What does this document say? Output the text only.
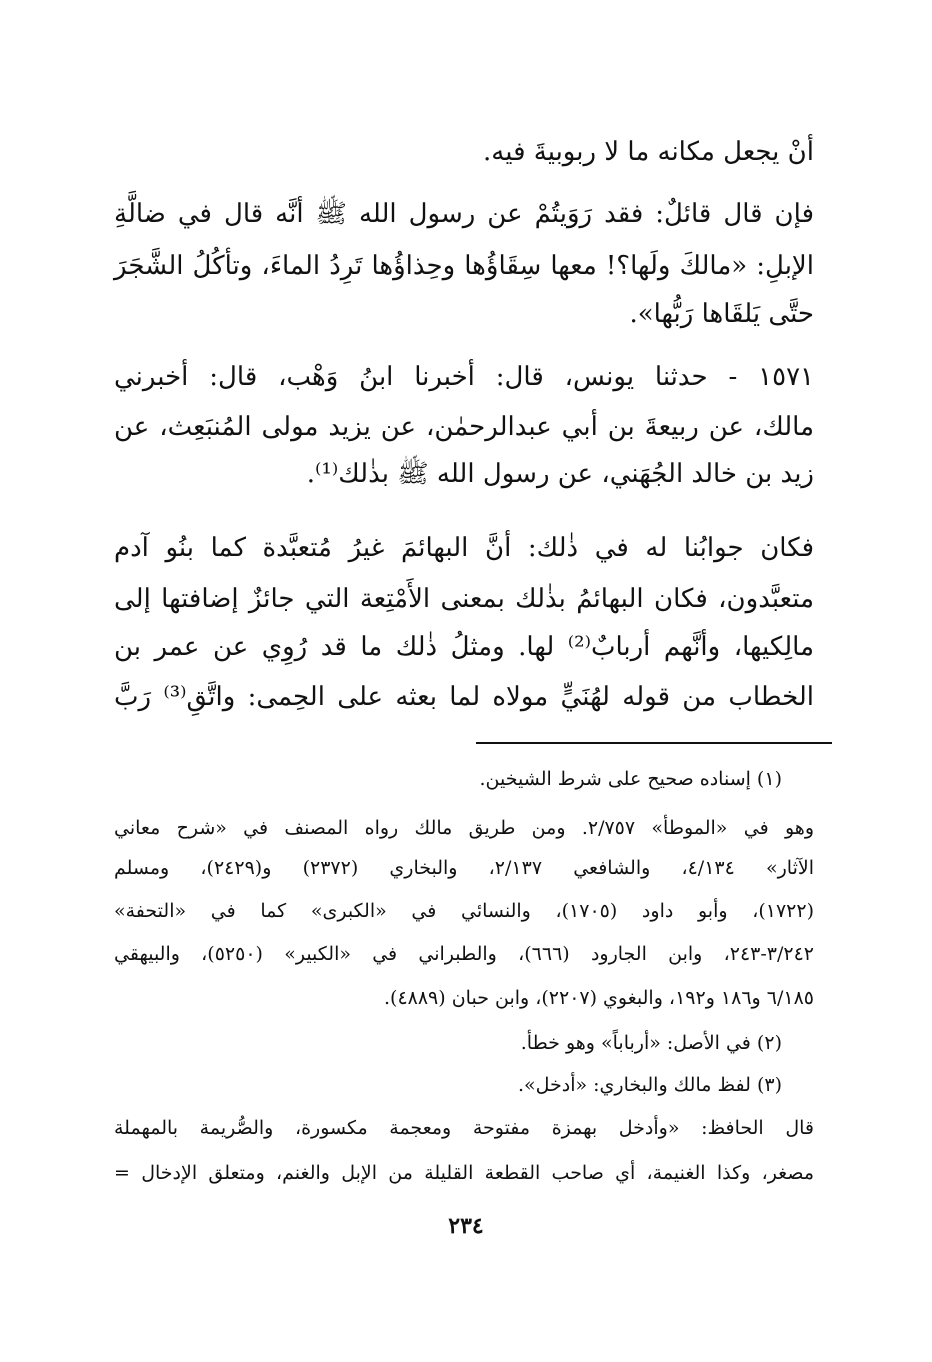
أنْ يجعل مكانه ما لا ربوبيةَ فيه.
فإن قال قائلٌ: فقد رَوَيتُمْ عن رسول الله ﷺ أنَّه قال في ضالَّةِ
الإبلِ: «مالكَ ولَها؟! معها سِقَاؤُها وحِذاؤُها تَرِدُ الماءَ، وتأكُلُ الشَّجَرَ
حتَّى يَلقَاها رَبُّها».
١٥٧١ - حدثنا يونس، قال: أخبرنا ابنُ وَهْب، قال: أخبرني
مالك، عن ربيعةَ بن أبي عبدالرحمٰن، عن يزيد مولى المُنبَعِث، عن
زيد بن خالد الجُهَني، عن رسول الله ﷺ بذٰلك⁽¹⁾.
فكان جوابُنا له في ذٰلك: أنَّ البهائمَ غيرُ مُتعبَّدة كما بنُو آدم
متعبَّدون، فكان البهائمُ بذٰلك بمعنى الأَمْتِعة التي جائزٌ إضافتها إلى
مالِكيها، وأنَّهم أربابٌ⁽²⁾ لها. ومثلُ ذٰلك ما قد رُوِي عن عمر بن
الخطاب من قوله لهُنَيٍّ مولاه لما بعثه على الحِمى: واتَّقِ⁽³⁾ رَبَّ
(١) إسناده صحيح على شرط الشيخين.
وهو في «الموطأ» ٢/٧٥٧. ومن طريق مالك رواه المصنف في «شرح معاني
الآثار» ٤/١٣٤، والشافعي ٢/١٣٧، والبخاري (٢٣٧٢) و(٢٤٢٩)، ومسلم
(١٧٢٢)، وأبو داود (١٧٠٥)، والنسائي في «الكبرى» كما في «التحفة»
٣/٢٤٢-٢٤٣، وابن الجارود (٦٦٦)، والطبراني في «الكبير» (٥٢٥٠)، والبيهقي
٦/١٨٥ و١٨٦ و١٩٢، والبغوي (٢٢٠٧)، وابن حبان (٤٨٨٩).
(٢) في الأصل: «أرباباً» وهو خطأ.
(٣) لفظ مالك والبخاري: «أدخل».
قال الحافظ: «وأدخل بهمزة مفتوحة ومعجمة مكسورة، والصُّريمة بالمهملة
مصغر، وكذا الغنيمة، أي صاحب القطعة القليلة من الإبل والغنم، ومتعلق الإدخال =
٢٣٤
